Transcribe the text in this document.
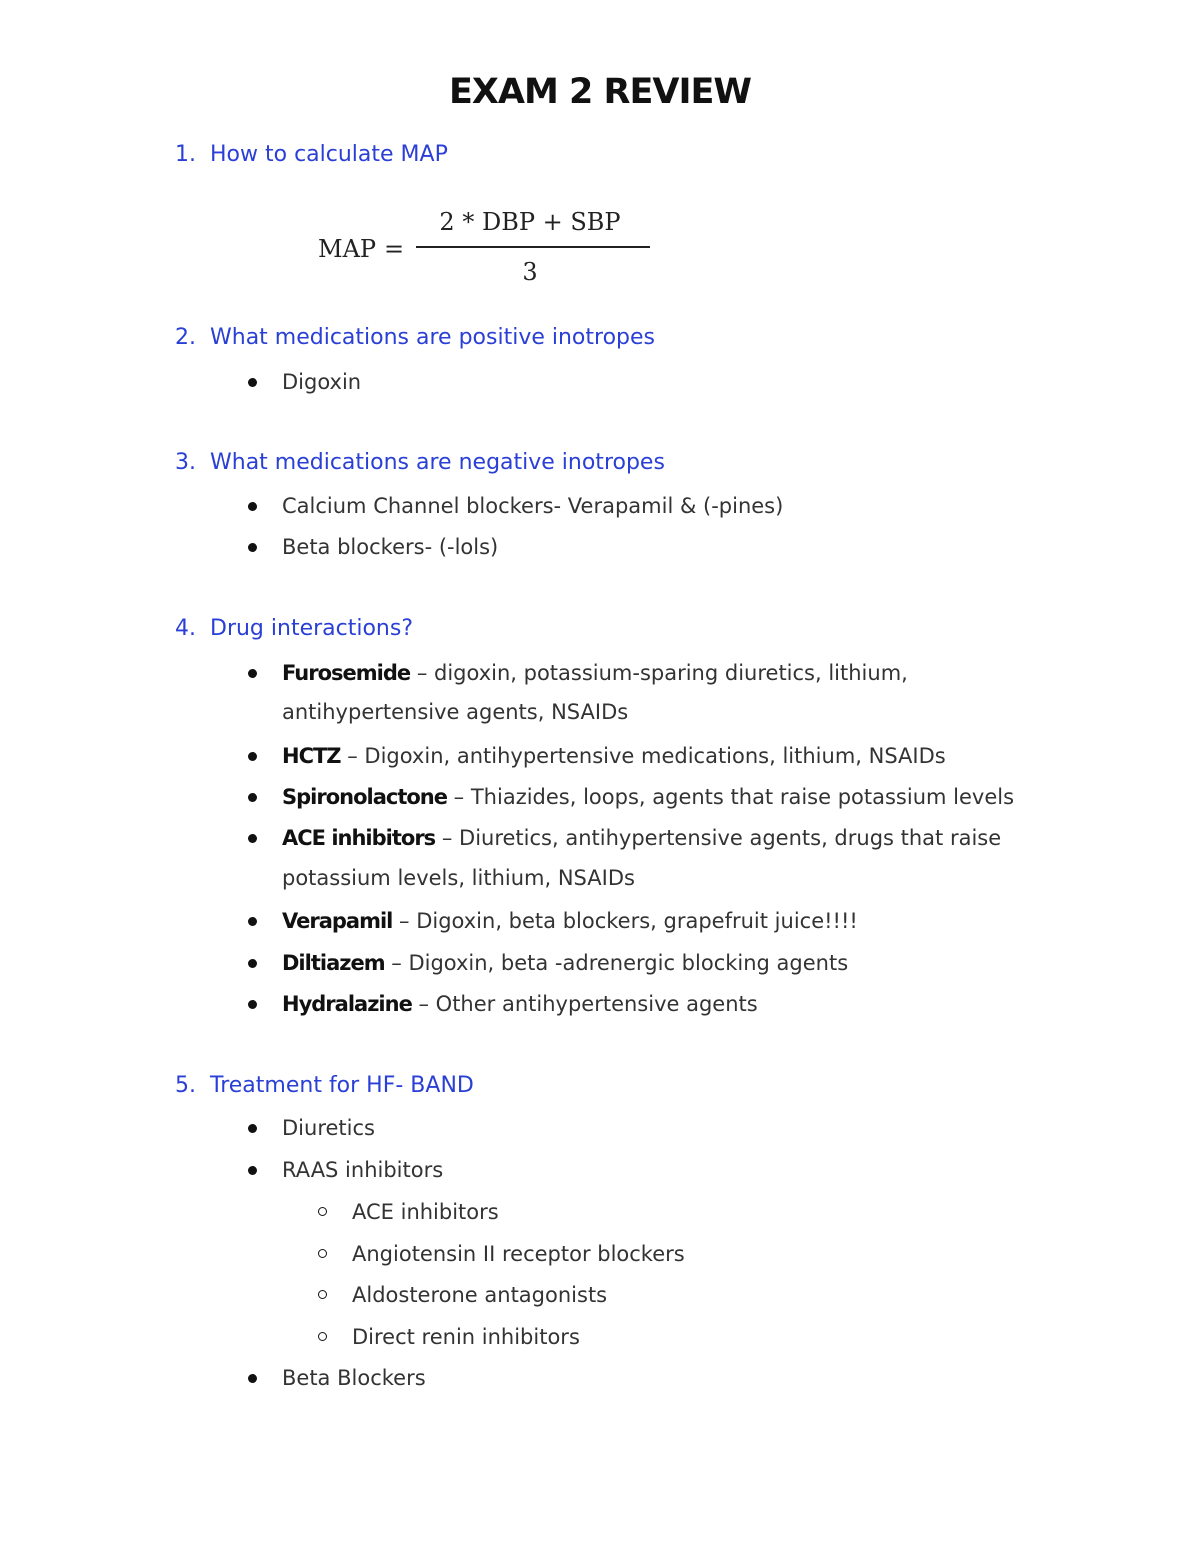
EXAM 2 REVIEW
1. How to calculate MAP
MAP =
2 * DBP + SBP
3
2. What medications are positive inotropes
Digoxin
3. What medications are negative inotropes
Calcium Channel blockers- Verapamil & (-pines)
Beta blockers- (-lols)
4. Drug interactions?
Furosemide – digoxin, potassium-sparing diuretics, lithium,
antihypertensive agents, NSAIDs
HCTZ – Digoxin, antihypertensive medications, lithium, NSAIDs
Spironolactone – Thiazides, loops, agents that raise potassium levels
ACE inhibitors – Diuretics, antihypertensive agents, drugs that raise
potassium levels, lithium, NSAIDs
Verapamil – Digoxin, beta blockers, grapefruit juice!!!!
Diltiazem – Digoxin, beta -adrenergic blocking agents
Hydralazine – Other antihypertensive agents
5. Treatment for HF- BAND
Diuretics
RAAS inhibitors
ACE inhibitors
Angiotensin II receptor blockers
Aldosterone antagonists
Direct renin inhibitors
Beta Blockers
